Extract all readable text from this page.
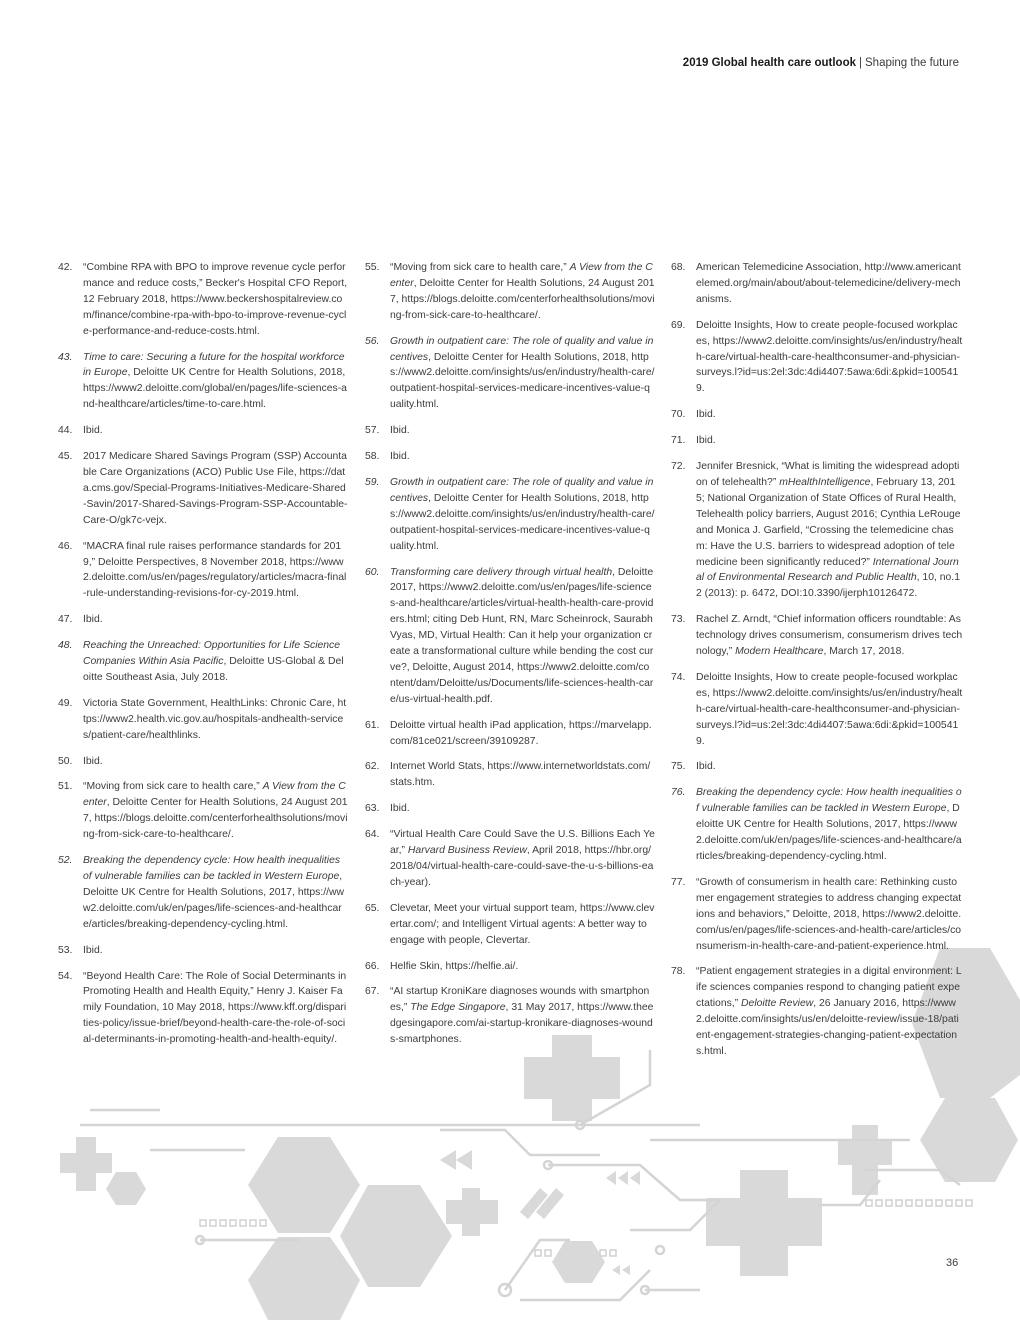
2019 Global health care outlook | Shaping the future
42.	“Combine RPA with BPO to improve revenue cycle performance and reduce costs,” Becker's Hospital CFO Report, 12 February 2018, https://www.beckershospitalreview.com/finance/combine-rpa-with-bpo-to-improve-revenue-cycle-performance-and-reduce-costs.html.
43.	Time to care: Securing a future for the hospital workforce in Europe, Deloitte UK Centre for Health Solutions, 2018, https://www2.deloitte.com/global/en/pages/life-sciences-and-healthcare/articles/time-to-care.html.
44.	Ibid.
45.	2017 Medicare Shared Savings Program (SSP) Accountable Care Organizations (ACO) Public Use File, https://data.cms.gov/Special-Programs-Initiatives-Medicare-Shared-Savin/2017-Shared-Savings-Program-SSP-Accountable-Care-O/gk7c-vejx.
46.	“MACRA final rule raises performance standards for 2019,” Deloitte Perspectives, 8 November 2018, https://www2.deloitte.com/us/en/pages/regulatory/articles/macra-final-rule-understanding-revisions-for-cy-2019.html.
47.	Ibid.
48.	Reaching the Unreached: Opportunities for Life Science Companies Within Asia Pacific, Deloitte US-Global & Deloitte Southeast Asia, July 2018.
49.	Victoria State Government, HealthLinks: Chronic Care, https://www2.health.vic.gov.au/hospitals-andhealth-services/patient-care/healthlinks.
50.	Ibid.
51.	“Moving from sick care to health care,” A View from the Center, Deloitte Center for Health Solutions, 24 August 2017, https://blogs.deloitte.com/centerforhealthsolutions/moving-from-sick-care-to-healthcare/.
52.	Breaking the dependency cycle: How health inequalities of vulnerable families can be tackled in Western Europe, Deloitte UK Centre for Health Solutions, 2017, https://www2.deloitte.com/uk/en/pages/life-sciences-and-healthcare/articles/breaking-dependency-cycling.html.
53.	Ibid.
54.	“Beyond Health Care: The Role of Social Determinants in Promoting Health and Health Equity,” Henry J. Kaiser Family Foundation, 10 May 2018, https://www.kff.org/disparities-policy/issue-brief/beyond-health-care-the-role-of-social-determinants-in-promoting-health-and-health-equity/.
55.	“Moving from sick care to health care,” A View from the Center, Deloitte Center for Health Solutions, 24 August 2017, https://blogs.deloitte.com/centerforhealthsolutions/moving-from-sick-care-to-healthcare/.
56.	Growth in outpatient care: The role of quality and value incentives, Deloitte Center for Health Solutions, 2018, https://www2.deloitte.com/insights/us/en/industry/health-care/outpatient-hospital-services-medicare-incentives-value-quality.html.
57.	Ibid.
58.	Ibid.
59.	Growth in outpatient care: The role of quality and value incentives, Deloitte Center for Health Solutions, 2018, https://www2.deloitte.com/insights/us/en/industry/health-care/outpatient-hospital-services-medicare-incentives-value-quality.html.
60.	Transforming care delivery through virtual health, Deloitte 2017, https://www2.deloitte.com/us/en/pages/life-sciences-and-healthcare/articles/virtual-health-health-care-providers.html; citing Deb Hunt, RN, Marc Scheinrock, Saurabh Vyas, MD, Virtual Health: Can it help your organization create a transformational culture while bending the cost curve?, Deloitte, August 2014, https://www2.deloitte.com/content/dam/Deloitte/us/Documents/life-sciences-health-care/us-virtual-health.pdf.
61.	Deloitte virtual health iPad application, https://marvelapp.com/81ce021/screen/39109287.
62.	Internet World Stats, https://www.internetworldstats.com/stats.htm.
63.	Ibid.
64.	“Virtual Health Care Could Save the U.S. Billions Each Year,” Harvard Business Review, April 2018, https://hbr.org/2018/04/virtual-health-care-could-save-the-u-s-billions-each-year).
65.	Clevetar, Meet your virtual support team, https://www.clevertar.com/; and Intelligent Virtual agents: A better way to engage with people, Clevertar.
66.	Helfie Skin, https://helfie.ai/.
67.	“AI startup KroniKare diagnoses wounds with smartphones,” The Edge Singapore, 31 May 2017, https://www.theedgesingapore.com/ai-startup-kronikare-diagnoses-wounds-smartphones.
68.	American Telemedicine Association, http://www.americantelemed.org/main/about/about-telemedicine/delivery-mechanisms.
69.	Deloitte Insights, How to create people-focused workplaces, https://www2.deloitte.com/insights/us/en/industry/health-care/virtual-health-care-healthconsumer-and-physician-surveys.l?id=us:2el:3dc:4di4407:5awa:6di:&pkid=1005419.
70.	Ibid.
71.	Ibid.
72.	Jennifer Bresnick, “What is limiting the widespread adoption of telehealth?” mHealthIntelligence, February 13, 2015; National Organization of State Offices of Rural Health, Telehealth policy barriers, August 2016; Cynthia LeRouge and Monica J. Garfield, “Crossing the telemedicine chasm: Have the U.S. barriers to widespread adoption of telemedicine been significantly reduced?” International Journal of Environmental Research and Public Health, 10, no.12 (2013): p. 6472, DOI:10.3390/ijerph10126472.
73.	Rachel Z. Arndt, “Chief information officers roundtable: As technology drives consumerism, consumerism drives technology,” Modern Healthcare, March 17, 2018.
74.	Deloitte Insights, How to create people-focused workplaces, https://www2.deloitte.com/insights/us/en/industry/health-care/virtual-health-care-healthconsumer-and-physician-surveys.l?id=us:2el:3dc:4di4407:5awa:6di:&pkid=1005419.
75.	Ibid.
76.	Breaking the dependency cycle: How health inequalities of vulnerable families can be tackled in Western Europe, Deloitte UK Centre for Health Solutions, 2017, https://www2.deloitte.com/uk/en/pages/life-sciences-and-healthcare/articles/breaking-dependency-cycling.html.
77.	“Growth of consumerism in health care: Rethinking customer engagement strategies to address changing expectations and behaviors,” Deloitte, 2018, https://www2.deloitte.com/us/en/pages/life-sciences-and-health-care/articles/consumerism-in-health-care-and-patient-experience.html.
78.	“Patient engagement strategies in a digital environment: Life sciences companies respond to changing patient expectations,” Deloitte Review, 26 January 2016, https://www2.deloitte.com/insights/us/en/deloitte-review/issue-18/patient-engagement-strategies-changing-patient-expectations.html.
36
